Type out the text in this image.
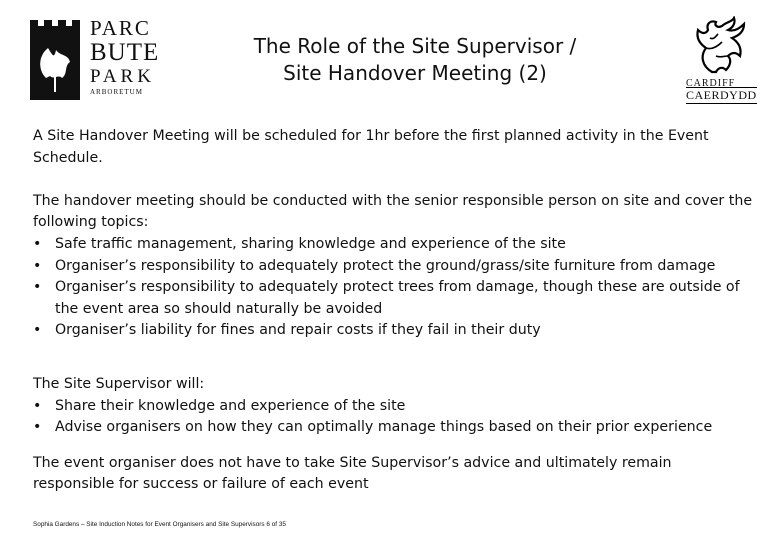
PARC
BUTE
PARK
ARBORETUM
The Role of the Site Supervisor /
Site Handover Meeting (2)	CARDIFF
CAERDYDD

A Site Handover Meeting will be scheduled for 1hr before the first planned activity in the Event Schedule.

The handover meeting should be conducted with the senior responsible person on site and cover the following topics:

• Safe traffic management, sharing knowledge and experience of the site
• Organiser’s responsibility to adequately protect the ground/grass/site furniture from damage
• Organiser’s responsibility to adequately protect trees from damage, though these are outside of the event area so should naturally be avoided
• Organiser’s liability for fines and repair costs if they fail in their duty

The Site Supervisor will:

• Share their knowledge and experience of the site
• Advise organisers on how they can optimally manage things based on their prior experience

The event organiser does not have to take Site Supervisor’s advice and ultimately remain responsible for success or failure of each event

Sophia Gardens – Site Induction Notes for Event Organisers and Site Supervisors 6 of 35
